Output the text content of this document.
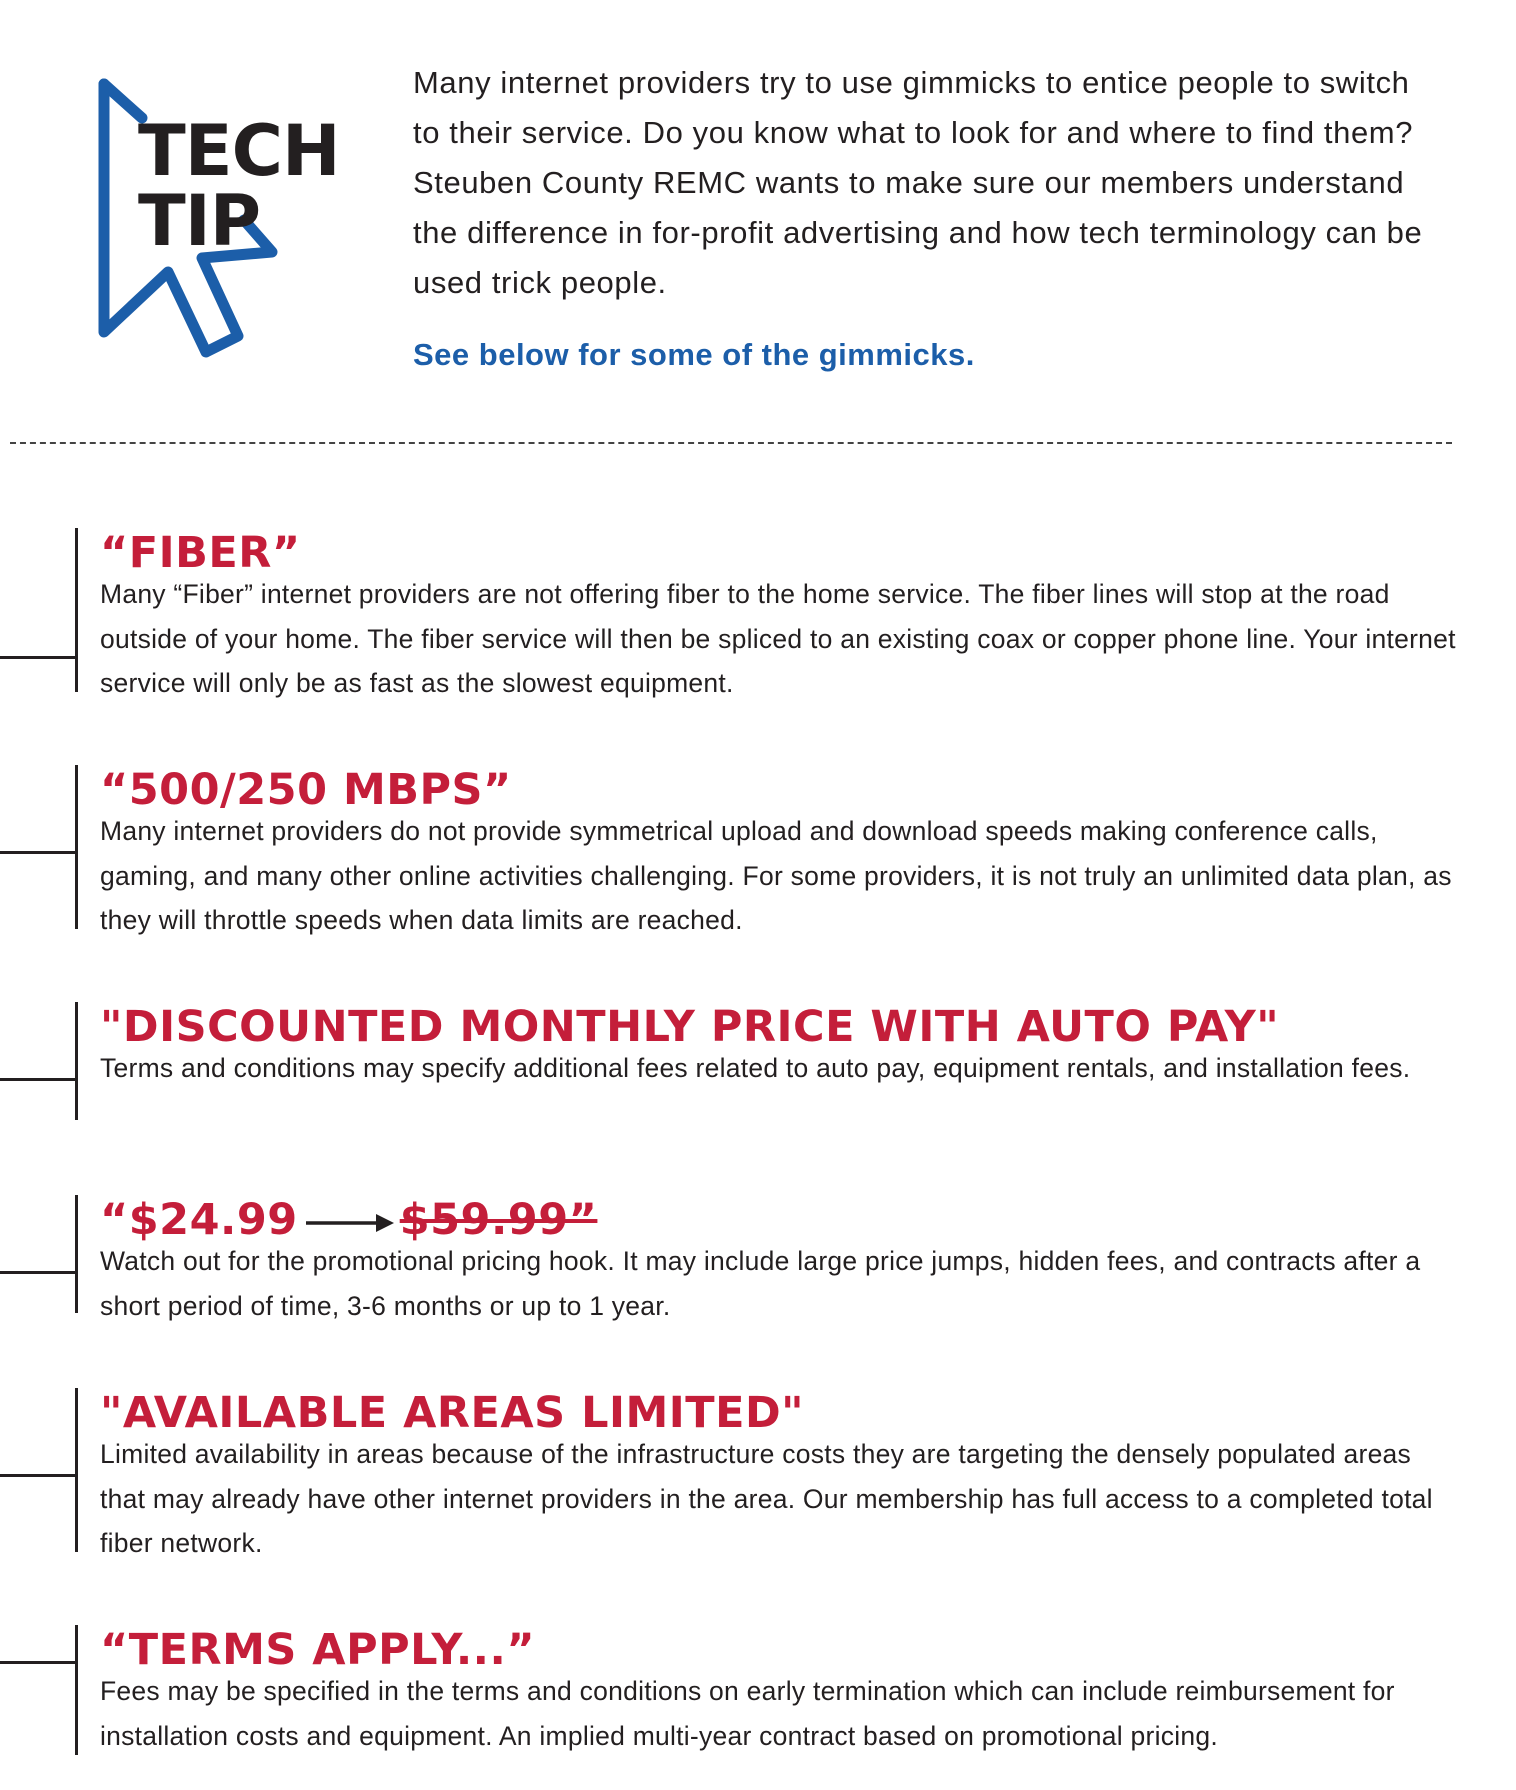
TECH
TIP
Many internet providers try to use gimmicks to entice people to switch to their service. Do you know what to look for and where to find them? Steuben County REMC wants to make sure our members understand the difference in for-profit advertising and how tech terminology can be used trick people.
See below for some of the gimmicks.
“FIBER”

Many “Fiber” internet providers are not offering fiber to the home service. The fiber lines will stop at the road outside of your home. The fiber service will then be spliced to an existing coax or copper phone line. Your internet service will only be as fast as the slowest equipment.

“500/250 MBPS”

Many internet providers do not provide symmetrical upload and download speeds making conference calls, gaming, and many other online activities challenging. For some providers, it is not truly an unlimited data plan, as they will throttle speeds when data limits are reached.

"DISCOUNTED MONTHLY PRICE WITH AUTO PAY"

Terms and conditions may specify additional fees related to auto pay, equipment rentals, and installation fees.

“$24.99 $59.99”

Watch out for the promotional pricing hook. It may include large price jumps, hidden fees, and contracts after a short period of time, 3-6 months or up to 1 year.

"AVAILABLE AREAS LIMITED"

Limited availability in areas because of the infrastructure costs they are targeting the densely populated areas that may already have other internet providers in the area. Our membership has full access to a completed total fiber network.

“TERMS APPLY...”

Fees may be specified in the terms and conditions on early termination which can include reimbursement for installation costs and equipment. An implied multi-year contract based on promotional pricing.
